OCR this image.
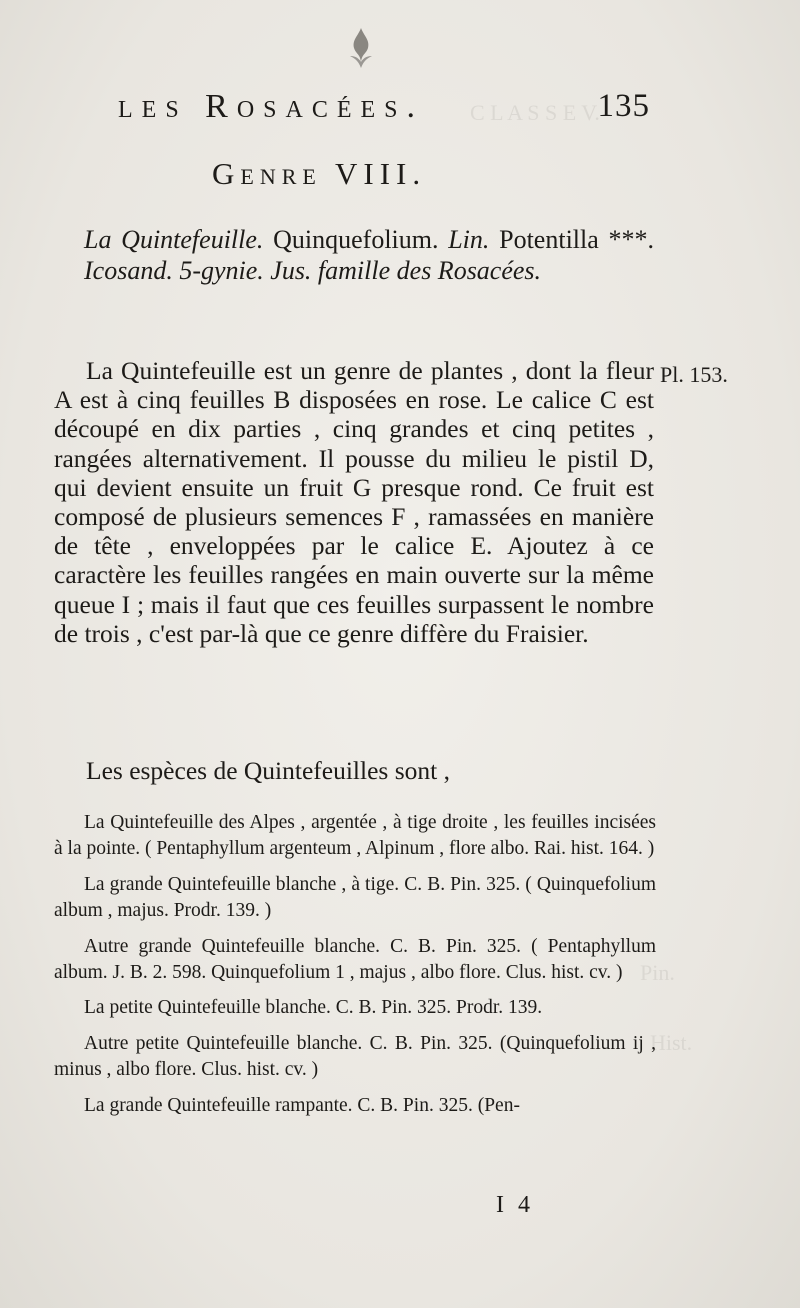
C L A S S E V.
Pin.
Hist.
les Rosacées.	135
Genre VIII.
La Quintefeuille. Quinquefolium. Lin. Potentilla ***. Icosand. 5-gynie. Jus. famille des Rosacées.
La Quintefeuille est un genre de plantes , dont la fleur A est à cinq feuilles B disposées en rose. Le calice C est découpé en dix parties , cinq grandes et cinq petites , rangées alternativement. Il pousse du milieu le pistil D, qui devient ensuite un fruit G presque rond. Ce fruit est composé de plusieurs semences F , ramassées en manière de tête , enveloppées par le calice E. Ajoutez à ce caractère les feuilles rangées en main ouverte sur la même queue I ; mais il faut que ces feuilles surpassent le nombre de trois , c'est par-là que ce genre diffère du Fraisier.
Pl. 153.
Les espèces de Quintefeuilles sont ,

La Quintefeuille des Alpes , argentée , à tige droite , les feuilles incisées à la pointe. ( Pentaphyllum argenteum , Alpinum , flore albo. Rai. hist. 164. )

La grande Quintefeuille blanche , à tige. C. B. Pin. 325. ( Quinquefolium album , majus. Prodr. 139. )

Autre grande Quintefeuille blanche. C. B. Pin. 325. ( Pentaphyllum album. J. B. 2. 598. Quinquefolium 1 , majus , albo flore. Clus. hist. cv. )

La petite Quintefeuille blanche. C. B. Pin. 325. Prodr. 139.

Autre petite Quintefeuille blanche. C. B. Pin. 325. (Quinquefolium ij , minus , albo flore. Clus. hist. cv. )

La grande Quintefeuille rampante. C. B. Pin. 325. (Pen-

I 4
